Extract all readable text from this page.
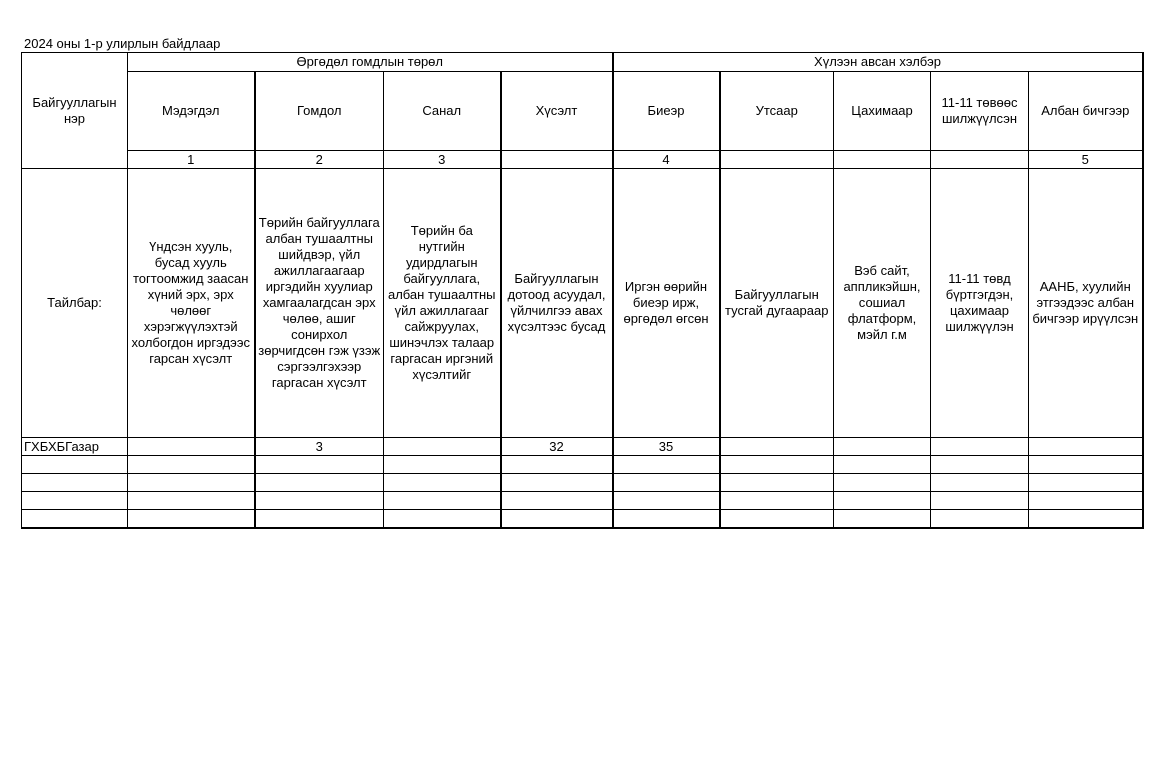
2024 оны 1-р улирлын байдлаар
Байгууллагын нэр	Өргөдөл гомдлын төрөл				Хүлээн авсан хэлбэр				
	Мэдэгдэл	Гомдол	Санал	Хүсэлт	Биеэр	Утсаар	Цахимаар	11-11 төвөөс шилжүүлсэн	Албан бичгээр
	1	2	3		4				5
Тайлбар:	Үндсэн хууль, бусад хууль тогтоомжид заасан хүний эрх, эрх чөлөөг хэрэгжүүлэхтэй холбогдон иргэдээс гарсан хүсэлт	Төрийн байгууллага албан тушаалтны шийдвэр, үйл ажиллагаагаар иргэдийн хуулиар хамгаалагдсан эрх чөлөө, ашиг сонирхол зөрчигдсөн гэж үзэж сэргээлгэхээр гаргасан хүсэлт	Төрийн ба нутгийн удирдлагын байгууллага, албан тушаалтны үйл ажиллагааг сайжруулах, шинэчлэх талаар гаргасан иргэний хүсэлтийг	Байгууллагын дотоод асуудал, үйлчилгээ авах хүсэлтээс бусад	Иргэн өөрийн биеэр ирж, өргөдөл өгсөн	Байгууллагын тусгай дугаараар	Вэб сайт, аппликэйшн, сошиал флатформ, мэйл г.м	11-11 төвд бүртгэгдэн, цахимаар шилжүүлэн	ААНБ, хуулийн этгээдээс албан бичгээр ирүүлсэн
ГХБХБГазар		3		32	35				
